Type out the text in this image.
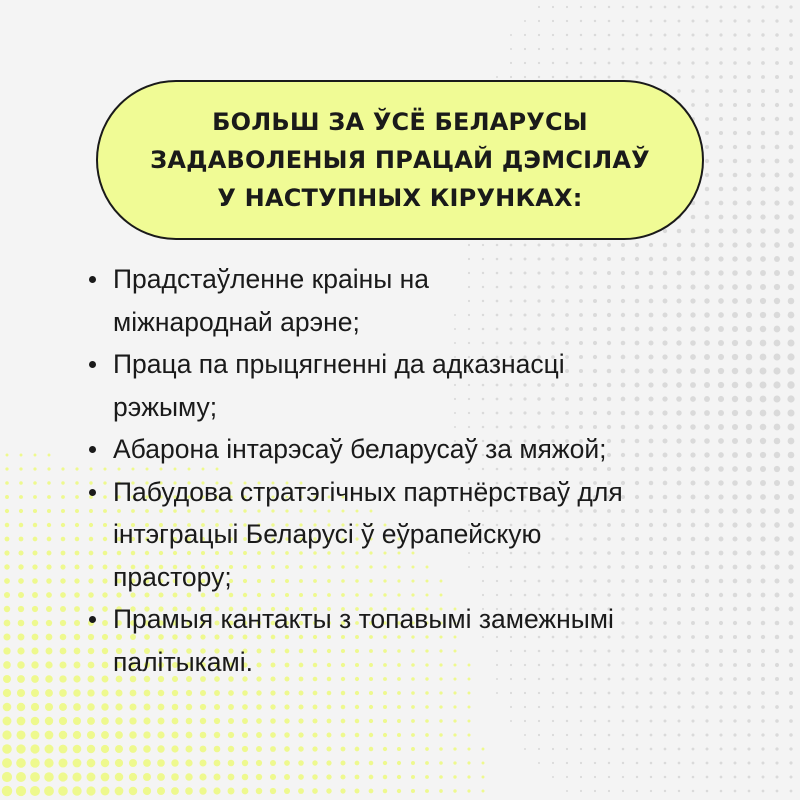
БОЛЬШ ЗА ЎСЁ БЕЛАРУСЫ
ЗАДАВОЛЕНЫЯ ПРАЦАЙ ДЭМСІЛАЎ
У НАСТУПНЫХ КІРУНКАХ:
Прадстаўленне краіны на
міжнароднай арэне;
Праца па прыцягненні да адказнасці
рэжыму;
Абарона інтарэсаў беларусаў за мяжой;
Пабудова стратэгічных партнёрстваў для
інтэграцыі Беларусі ў еўрапейскую
прастору;
Прамыя кантакты з топавымі замежнымі
палітыкамі.
